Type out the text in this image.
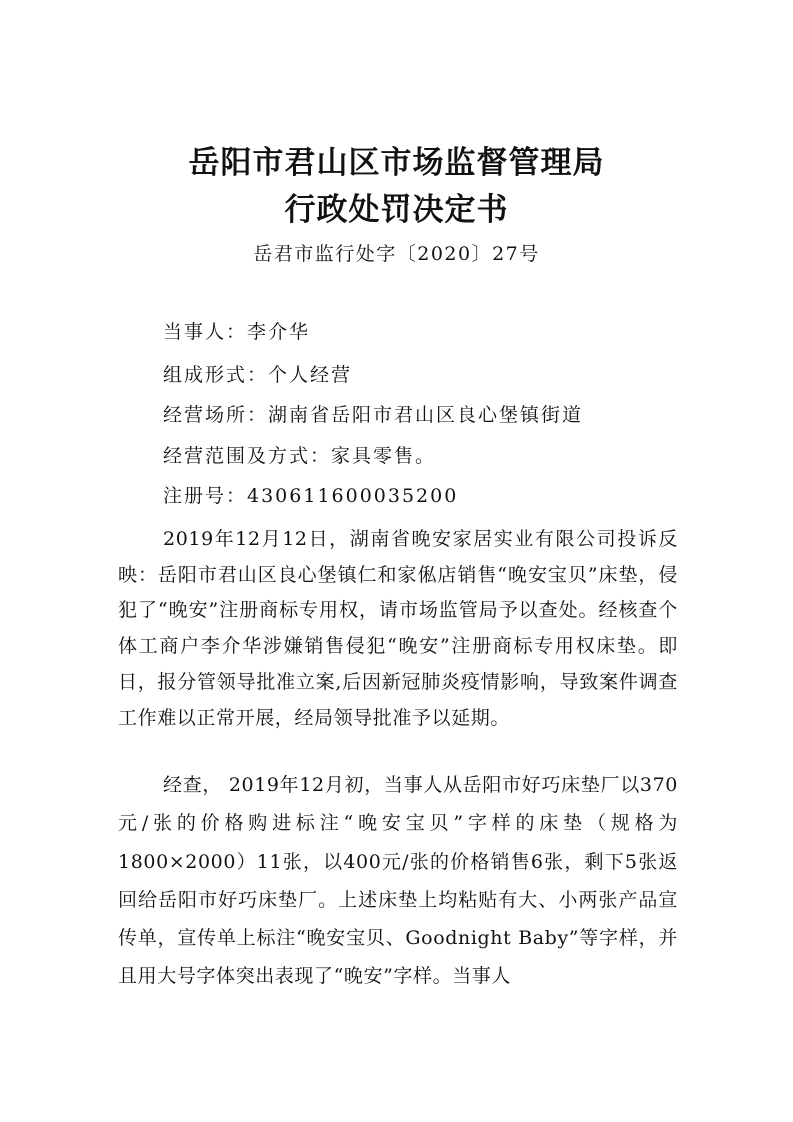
岳阳市君山区市场监督管理局
行政处罚决定书
岳君市监行处字〔2020〕27号
当事人：李介华
组成形式：个人经营
经营场所：湖南省岳阳市君山区良心堡镇街道
经营范围及方式：家具零售。
注册号：430611600035200
2019年12月12日，湖南省晚安家居实业有限公司投诉反映：岳阳市君山区良心堡镇仁和家俬店销售“晚安宝贝”床垫，侵犯了“晚安”注册商标专用权，请市场监管局予以查处。经核查个体工商户李介华涉嫌销售侵犯“晚安”注册商标专用权床垫。即日，报分管领导批准立案,后因新冠肺炎疫情影响，导致案件调查工作难以正常开展，经局领导批准予以延期。
经查， 2019年12月初，当事人从岳阳市好巧床垫厂以370元/张的价格购进标注“晚安宝贝”字样的床垫（规格为1800×2000）11张，以400元/张的价格销售6张，剩下5张返回给岳阳市好巧床垫厂。上述床垫上均粘贴有大、小两张产品宣传单，宣传单上标注“晚安宝贝、Goodnight Baby”等字样，并且用大号字体突出表现了“晚安”字样。当事人
